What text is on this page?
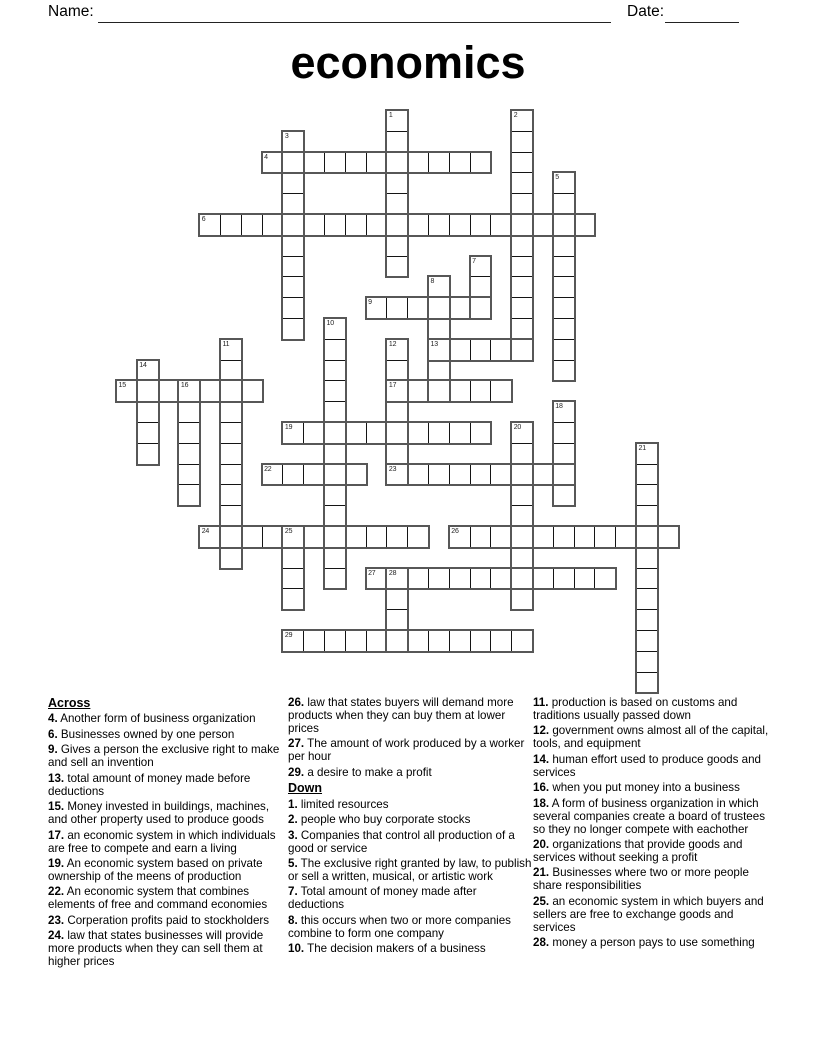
Name:	Date:
economics
1	2
3
4
5
6
7
8
13
9
10
11	12
17
23
14
15	16
18
19	20
21
22
24	25	26
27 28
29
Across
4. Another form of business organization
6. Businesses owned by one person
9. Gives a person the exclusive right to make and sell an invention
13. total amount of money made before deductions
15. Money invested in buildings, machines, and other property used to produce goods
17. an economic system in which individuals are free to compete and earn a living
19. An economic system based on private ownership of the meens of production
22. An economic system that combines elements of free and command economies
23. Corperation profits paid to stockholders
24. law that states businesses will provide more products when they can sell them at higher prices
26. law that states buyers will demand more products when they can buy them at lower prices
27. The amount of work produced by a worker per hour
29. a desire to make a profit
Down
1. limited resources
2. people who buy corporate stocks
3. Companies that control all production of a good or service
5. The exclusive right granted by law, to publish or sell a written, musical, or artistic work
7. Total amount of money made after deductions
8. this occurs when two or more companies combine to form one company
10. The decision makers of a business
11. production is based on customs and traditions usually passed down
12. government owns almost all of the capital, tools, and equipment
14. human effort used to produce goods and services
16. when you put money into a business
18. A form of business organization in which several companies create a board of trustees so they no longer compete with eachother
20. organizations that provide goods and services without seeking a profit
21. Businesses where two or more people share responsibilities
25. an economic system in which buyers and sellers are free to exchange goods and services
28. money a person pays to use something
